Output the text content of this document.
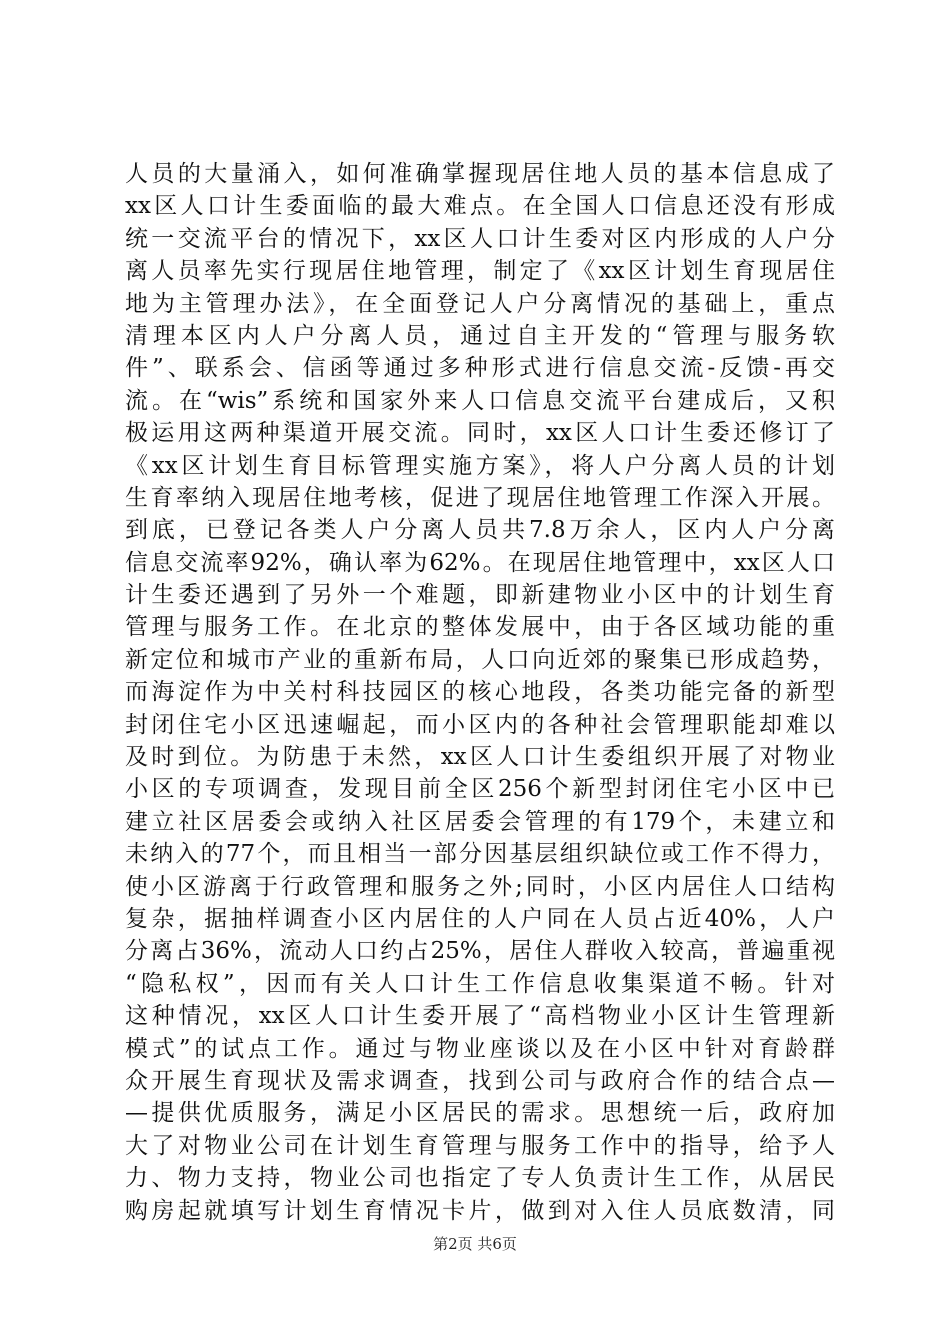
人员的大量涌入，如何准确掌握现居住地人员的基本信息成了
xx区人口计生委面临的最大难点。在全国人口信息还没有形成
统一交流平台的情况下，xx区人口计生委对区内形成的人户分
离人员率先实行现居住地管理，制定了《xx区计划生育现居住
地为主管理办法》，在全面登记人户分离情况的基础上，重点
清理本区内人户分离人员，通过自主开发的“管理与服务软
件”、联系会、信函等通过多种形式进行信息交流-反馈-再交
流。在“wis”系统和国家外来人口信息交流平台建成后，又积
极运用这两种渠道开展交流。同时，xx区人口计生委还修订了
《xx区计划生育目标管理实施方案》，将人户分离人员的计划
生育率纳入现居住地考核，促进了现居住地管理工作深入开展。
到底，已登记各类人户分离人员共7.8万余人，区内人户分离
信息交流率92%，确认率为62%。在现居住地管理中，xx区人口
计生委还遇到了另外一个难题，即新建物业小区中的计划生育
管理与服务工作。在北京的整体发展中，由于各区域功能的重
新定位和城市产业的重新布局，人口向近郊的聚集已形成趋势，
而海淀作为中关村科技园区的核心地段，各类功能完备的新型
封闭住宅小区迅速崛起，而小区内的各种社会管理职能却难以
及时到位。为防患于未然，xx区人口计生委组织开展了对物业
小区的专项调查，发现目前全区256个新型封闭住宅小区中已
建立社区居委会或纳入社区居委会管理的有179个，未建立和
未纳入的77个，而且相当一部分因基层组织缺位或工作不得力，
使小区游离于行政管理和服务之外;同时，小区内居住人口结构
复杂，据抽样调查小区内居住的人户同在人员占近40%，人户
分离占36%，流动人口约占25%，居住人群收入较高，普遍重视
“隐私权”，因而有关人口计生工作信息收集渠道不畅。针对
这种情况，xx区人口计生委开展了“高档物业小区计生管理新
模式”的试点工作。通过与物业座谈以及在小区中针对育龄群
众开展生育现状及需求调查，找到公司与政府合作的结合点—
—提供优质服务，满足小区居民的需求。思想统一后，政府加
大了对物业公司在计划生育管理与服务工作中的指导，给予人
力、物力支持，物业公司也指定了专人负责计生工作，从居民
购房起就填写计划生育情况卡片，做到对入住人员底数清，同
第2页 共6页
